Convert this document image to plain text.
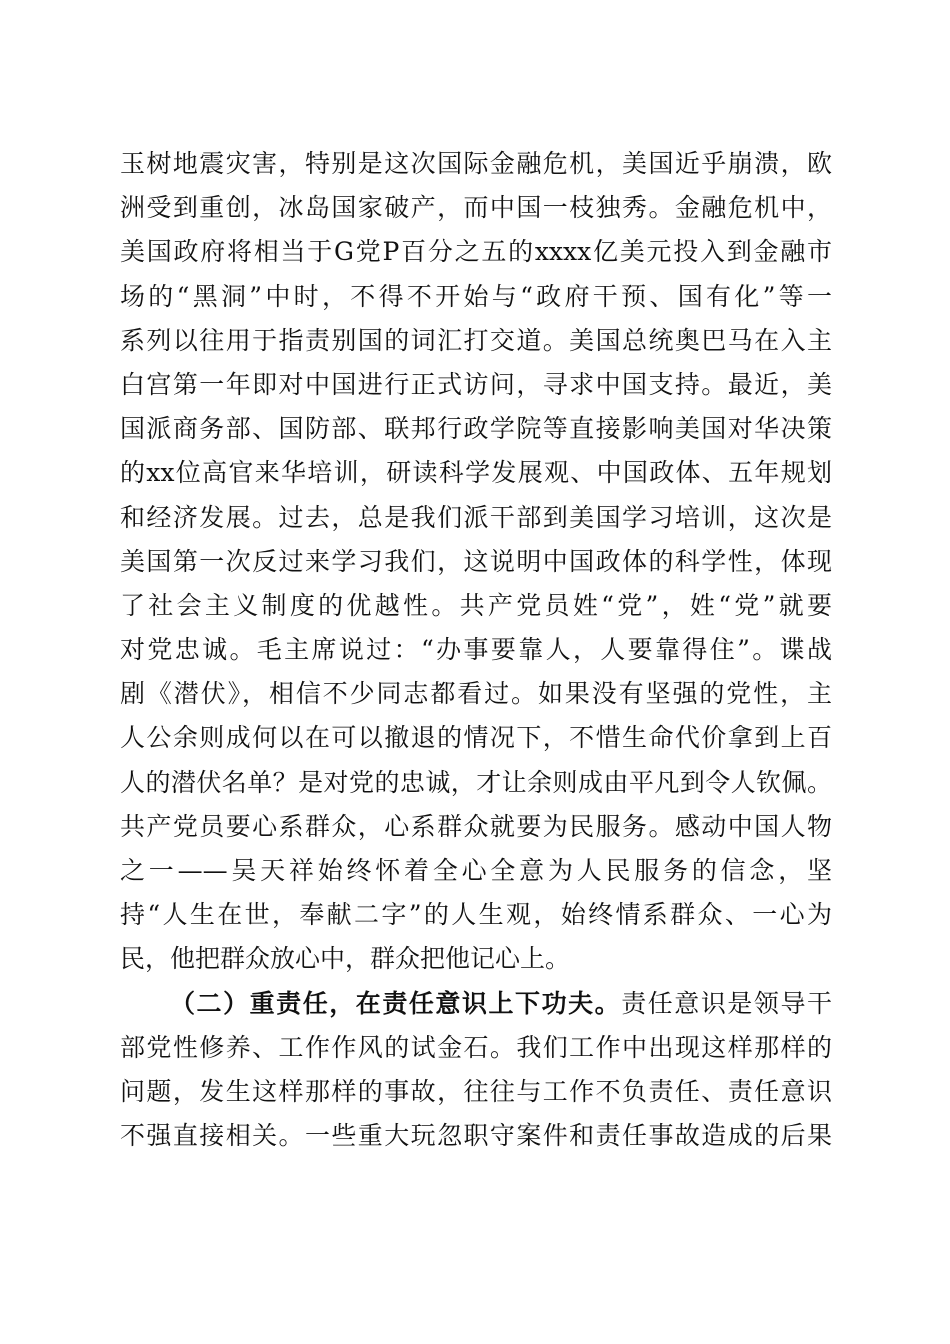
玉树地震灾害，特别是这次国际金融危机，美国近乎崩溃，欧
洲受到重创，冰岛国家破产，而中国一枝独秀。金融危机中，
美国政府将相当于G党P百分之五的xxxx亿美元投入到金融市
场的“黑洞”中时，不得不开始与“政府干预、国有化”等一
系列以往用于指责别国的词汇打交道。美国总统奥巴马在入主
白宫第一年即对中国进行正式访问，寻求中国支持。最近，美
国派商务部、国防部、联邦行政学院等直接影响美国对华决策
的xx位高官来华培训，研读科学发展观、中国政体、五年规划
和经济发展。过去，总是我们派干部到美国学习培训，这次是
美国第一次反过来学习我们，这说明中国政体的科学性，体现
了社会主义制度的优越性。共产党员姓“党”，姓“党”就要
对党忠诚。毛主席说过：“办事要靠人，人要靠得住”。谍战
剧《潜伏》，相信不少同志都看过。如果没有坚强的党性，主
人公余则成何以在可以撤退的情况下，不惜生命代价拿到上百
人的潜伏名单？是对党的忠诚，才让余则成由平凡到令人钦佩。
共产党员要心系群众，心系群众就要为民服务。感动中国人物
之一——吴天祥始终怀着全心全意为人民服务的信念，坚
持“人生在世，奉献二字”的人生观，始终情系群众、一心为
民，他把群众放心中，群众把他记心上。
（二）重责任，在责任意识上下功夫。责任意识是领导干
部党性修养、工作作风的试金石。我们工作中出现这样那样的
问题，发生这样那样的事故，往往与工作不负责任、责任意识
不强直接相关。一些重大玩忽职守案件和责任事故造成的后果
